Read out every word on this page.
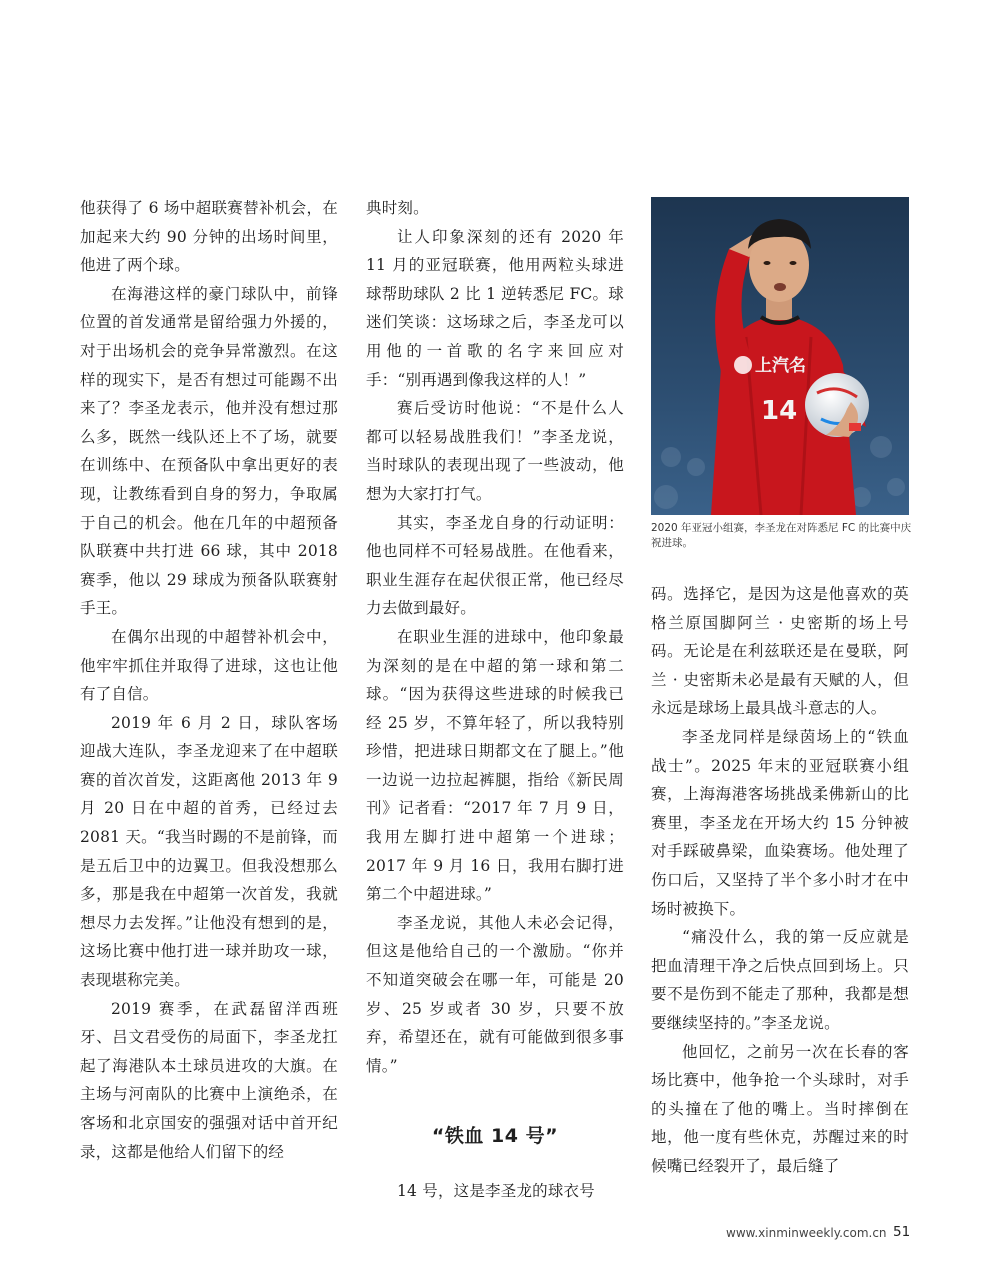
他获得了 6 场中超联赛替补机会，在加起来大约 90 分钟的出场时间里，他进了两个球。

在海港这样的豪门球队中，前锋位置的首发通常是留给强力外援的，对于出场机会的竞争异常激烈。在这样的现实下，是否有想过可能踢不出来了？李圣龙表示，他并没有想过那么多，既然一线队还上不了场，就要在训练中、在预备队中拿出更好的表现，让教练看到自身的努力，争取属于自己的机会。他在几年的中超预备队联赛中共打进 66 球，其中 2018 赛季，他以 29 球成为预备队联赛射手王。

在偶尔出现的中超替补机会中，他牢牢抓住并取得了进球，这也让他有了自信。

2019 年 6 月 2 日，球队客场迎战大连队，李圣龙迎来了在中超联赛的首次首发，这距离他 2013 年 9 月 20 日在中超的首秀，已经过去 2081 天。“我当时踢的不是前锋，而是五后卫中的边翼卫。但我没想那么多，那是我在中超第一次首发，我就想尽力去发挥。”让他没有想到的是，这场比赛中他打进一球并助攻一球，表现堪称完美。

2019 赛季，在武磊留洋西班牙、吕文君受伤的局面下，李圣龙扛起了海港队本土球员进攻的大旗。在主场与河南队的比赛中上演绝杀，在客场和北京国安的强强对话中首开纪录，这都是他给人们留下的经

典时刻。

让人印象深刻的还有 2020 年 11 月的亚冠联赛，他用两粒头球进球帮助球队 2 比 1 逆转悉尼 FC。球迷们笑谈：这场球之后，李圣龙可以用他的一首歌的名字来回应对手：“别再遇到像我这样的人！”

赛后受访时他说：“不是什么人都可以轻易战胜我们！”李圣龙说，当时球队的表现出现了一些波动，他想为大家打打气。

其实，李圣龙自身的行动证明：他也同样不可轻易战胜。在他看来，职业生涯存在起伏很正常，他已经尽力去做到最好。

在职业生涯的进球中，他印象最为深刻的是在中超的第一球和第二球。“因为获得这些进球的时候我已经 25 岁，不算年轻了，所以我特别珍惜，把进球日期都文在了腿上。”他一边说一边拉起裤腿，指给《新民周刊》记者看：“2017 年 7 月 9 日，我用左脚打进中超第一个进球；2017 年 9 月 16 日，我用右脚打进第二个中超进球。”

李圣龙说，其他人未必会记得，但这是他给自己的一个激励。“你并不知道突破会在哪一年，可能是 20 岁、25 岁或者 30 岁，只要不放弃，希望还在，就有可能做到很多事情。”

“铁血 14 号”

14 号，这是李圣龙的球衣号

码。选择它，是因为这是他喜欢的英格兰原国脚阿兰 · 史密斯的场上号码。无论是在利兹联还是在曼联，阿兰 · 史密斯未必是最有天赋的人，但永远是球场上最具战斗意志的人。

李圣龙同样是绿茵场上的“铁血战士”。2025 年末的亚冠联赛小组赛，上海海港客场挑战柔佛新山的比赛里，李圣龙在开场大约 15 分钟被对手踩破鼻梁，血染赛场。他处理了伤口后，又坚持了半个多小时才在中场时被换下。

“痛没什么，我的第一反应就是把血清理干净之后快点回到场上。只要不是伤到不能走了那种，我都是想要继续坚持的。”李圣龙说。

他回忆，之前另一次在长春的客场比赛中，他争抢一个头球时，对手的头撞在了他的嘴上。当时摔倒在地，他一度有些休克，苏醒过来的时候嘴已经裂开了，最后缝了

上汽名
14
2020 年亚冠小组赛，李圣龙在对阵悉尼 FC 的比赛中庆祝进球。
www.xinminweekly.com.cn 51
